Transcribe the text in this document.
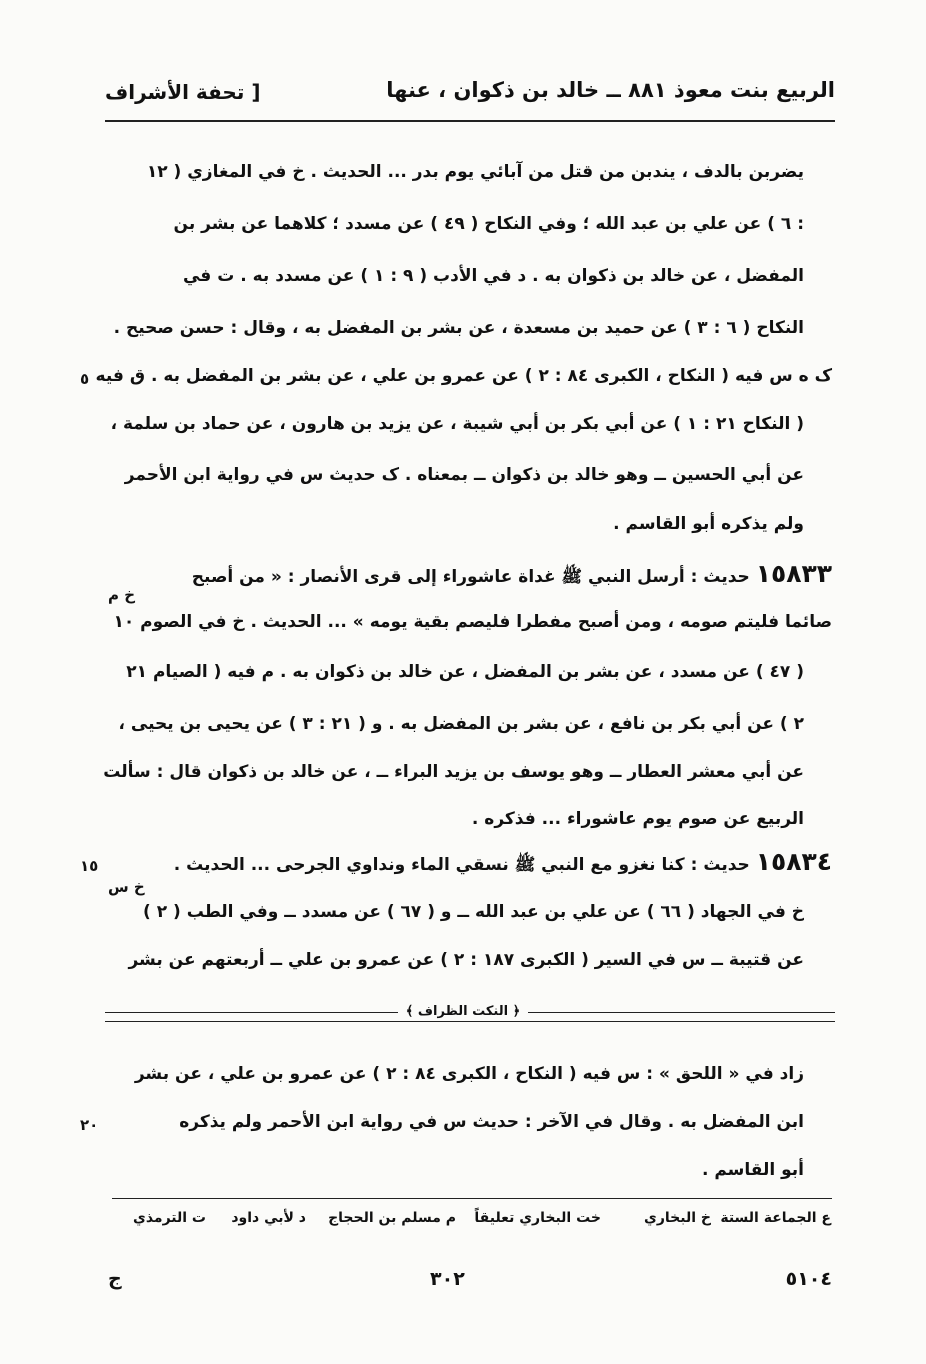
الربيع بنت معوذ ٨٨١ ــ خالد بن ذكوان ، عنها
[ تحفة الأشراف
يضربن بالدف ، يندبن من قتل من آبائي يوم بدر ... الحديث . خ في المغازي ( ١٢
: ٦ ) عن علي بن عبد الله ؛ وفي النكاح ( ٤٩ ) عن مسدد ؛ كلاهما عن بشر بن
المفضل ، عن خالد بن ذكوان به . د في الأدب ( ٩ : ١ ) عن مسدد به . ت في
النكاح ( ٦ : ٣ ) عن حميد بن مسعدة ، عن بشر بن المفضل به ، وقال : حسن صحيح .
ک ه س فيه ( النكاح ، الكبرى ٨٤ : ٢ ) عن عمرو بن علي ، عن بشر بن المفضل به . ق فيه
( النكاح ٢١ : ١ ) عن أبي بكر بن أبي شيبة ، عن يزيد بن هارون ، عن حماد بن سلمة ،
عن أبي الحسين ــ وهو خالد بن ذكوان ــ بمعناه . ک حديث س في رواية ابن الأحمر
ولم يذكره أبو القاسم .
٥
١٥٨٣٣ حديث : أرسل النبي ﷺ غداة عاشوراء إلى قرى الأنصار : « من أصبح
خ م
صائما فليتم صومه ، ومن أصبح مفطرا فليصم بقية يومه » ... الحديث . خ في الصوم ١٠
( ٤٧ ) عن مسدد ، عن بشر بن المفضل ، عن خالد بن ذكوان به . م فيه ( الصيام ٢١
٢ ) عن أبي بكر بن نافع ، عن بشر بن المفضل به . و ( ٢١ : ٣ ) عن يحيى بن يحيى ،
عن أبي معشر العطار ــ وهو يوسف بن يزيد البراء ــ ، عن خالد بن ذكوان قال : سألت
الربيع عن صوم يوم عاشوراء ... فذكره .
١٥٨٣٤ حديث : كنا نغزو مع النبي ﷺ نسقي الماء ونداوي الجرحى ... الحديث .
١٥
خ س
خ في الجهاد ( ٦٦ ) عن علي بن عبد الله ــ و ( ٦٧ ) عن مسدد ــ وفي الطب ( ٢ )
عن قتيبة ــ س في السير ( الكبرى ١٨٧ : ٢ ) عن عمرو بن علي ــ أربعتهم عن بشر
﴿ النكت الظراف ﴾
زاد في « اللحق » : س فيه ( النكاح ، الكبرى ٨٤ : ٢ ) عن عمرو بن علي ، عن بشر
ابن المفضل به . وقال في الآخر : حديث س في رواية ابن الأحمر ولم يذكره
٢٠
أبو القاسم .
ع الجماعة الستة
خ البخاري
خت البخاري تعليقاً
م مسلم بن الحجاج
د لأبي داود
ت الترمذي
٥١٠٤
٣٠٢
ج
